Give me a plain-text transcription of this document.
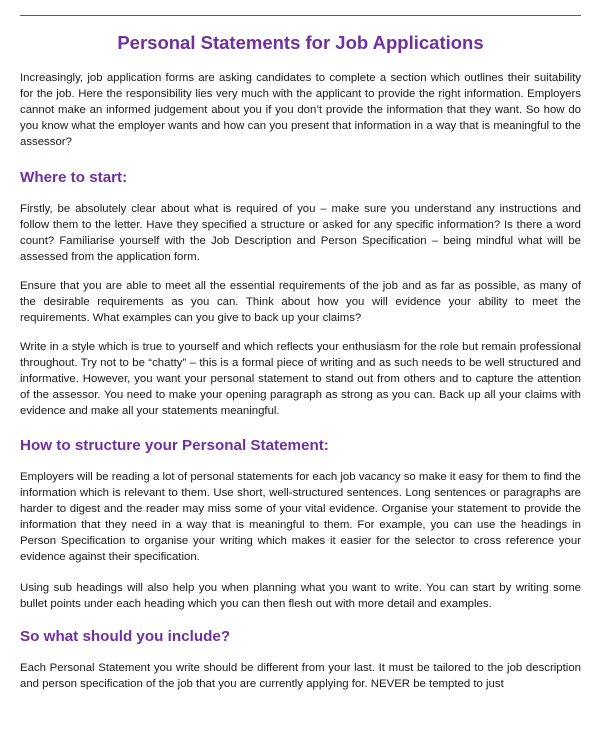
Personal Statements for Job Applications

Increasingly, job application forms are asking candidates to complete a section which outlines their suitability for the job. Here the responsibility lies very much with the applicant to provide the right information. Employers cannot make an informed judgement about you if you don’t provide the information that they want. So how do you know what the employer wants and how can you present that information in a way that is meaningful to the assessor?

Where to start:

Firstly, be absolutely clear about what is required of you – make sure you understand any instructions and follow them to the letter. Have they specified a structure or asked for any specific information? Is there a word count? Familiarise yourself with the Job Description and Person Specification – being mindful what will be assessed from the application form.

Ensure that you are able to meet all the essential requirements of the job and as far as possible, as many of the desirable requirements as you can. Think about how you will evidence your ability to meet the requirements. What examples can you give to back up your claims?

Write in a style which is true to yourself and which reflects your enthusiasm for the role but remain professional throughout. Try not to be “chatty” – this is a formal piece of writing and as such needs to be well structured and informative. However, you want your personal statement to stand out from others and to capture the attention of the assessor. You need to make your opening paragraph as strong as you can. Back up all your claims with evidence and make all your statements meaningful.

How to structure your Personal Statement:

Employers will be reading a lot of personal statements for each job vacancy so make it easy for them to find the information which is relevant to them. Use short, well-structured sentences. Long sentences or paragraphs are harder to digest and the reader may miss some of your vital evidence. Organise your statement to provide the information that they need in a way that is meaningful to them. For example, you can use the headings in Person Specification to organise your writing which makes it easier for the selector to cross reference your evidence against their specification.

Using sub headings will also help you when planning what you want to write. You can start by writing some bullet points under each heading which you can then flesh out with more detail and examples.

So what should you include?

Each Personal Statement you write should be different from your last. It must be tailored to the job description and person specification of the job that you are currently applying for. NEVER be tempted to just
